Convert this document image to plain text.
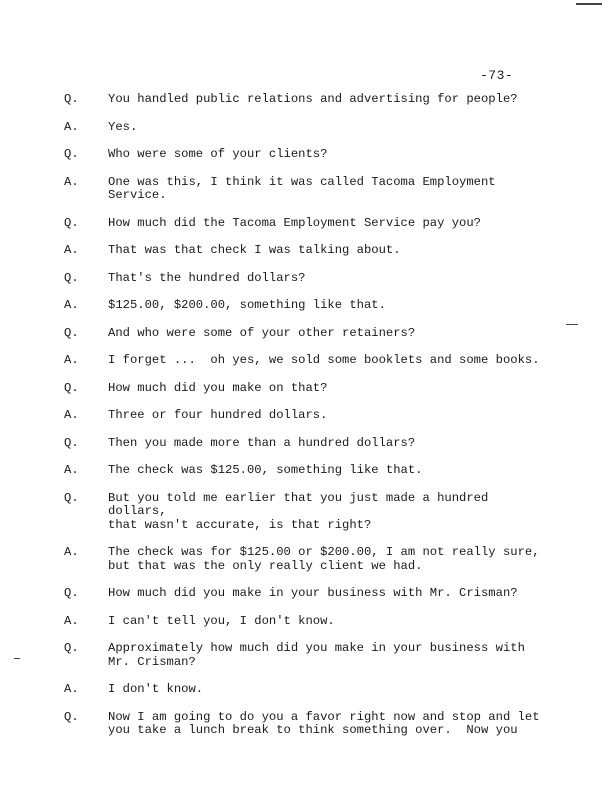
-73-
Q.	You handled public relations and advertising for people?
A.	Yes.
Q.	Who were some of your clients?
A.	One was this, I think it was called Tacoma Employment
Service.
Q.	How much did the Tacoma Employment Service pay you?
A.	That was that check I was talking about.
Q.	That's the hundred dollars?
A.	$125.00, $200.00, something like that.
Q.	And who were some of your other retainers?
A.	I forget ...  oh yes, we sold some booklets and some books.
Q.	How much did you make on that?
A.	Three or four hundred dollars.
Q.	Then you made more than a hundred dollars?
A.	The check was $125.00, something like that.
Q.	But you told me earlier that you just made a hundred dollars,
that wasn't accurate, is that right?
A.	The check was for $125.00 or $200.00, I am not really sure,
but that was the only really client we had.
Q.	How much did you make in your business with Mr. Crisman?
A.	I can't tell you, I don't know.
Q.	Approximately how much did you make in your business with
Mr. Crisman?
A.	I don't know.
Q.	Now I am going to do you a favor right now and stop and let
you take a lunch break to think something over.  Now you
